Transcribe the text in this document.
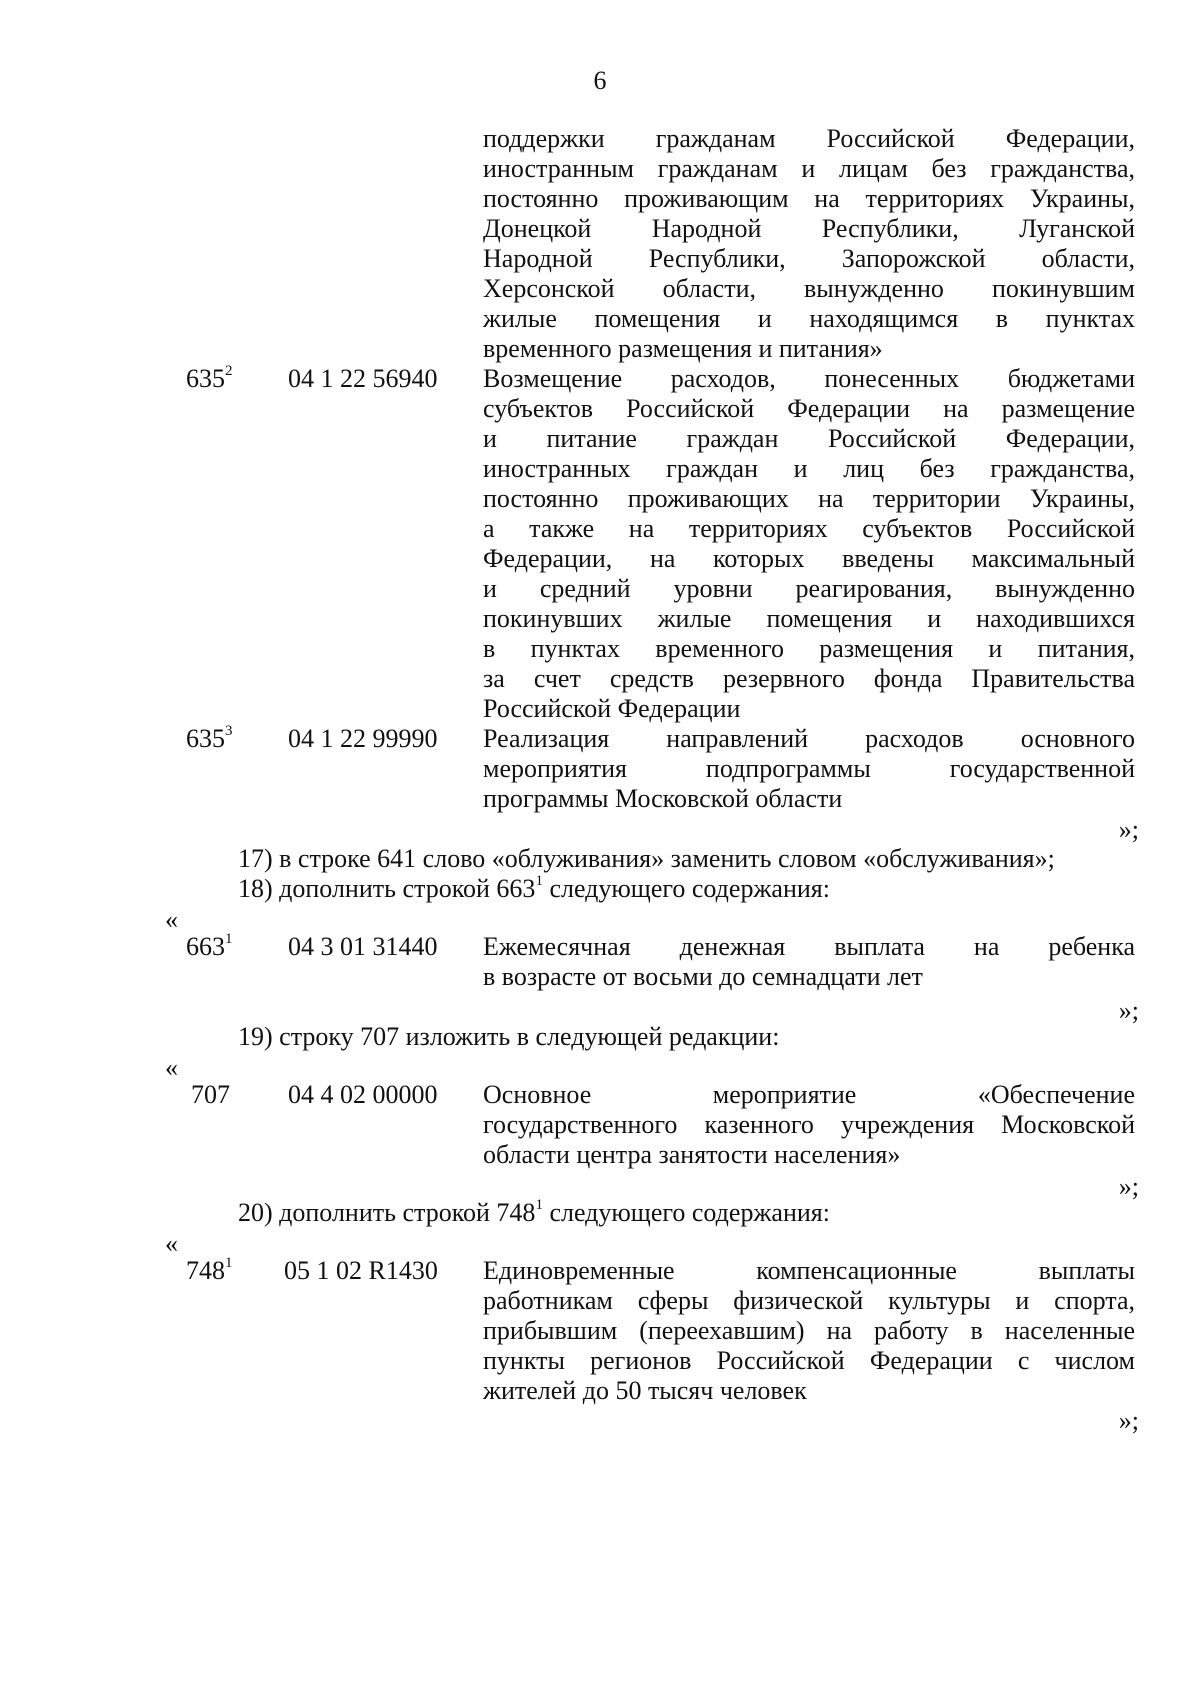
6
поддержки гражданам Российской Федерации,
иностранным гражданам и лицам без гражданства,
постоянно проживающим на территориях Украины,
Донецкой Народной Республики, Луганской
Народной Республики, Запорожской области,
Херсонской области, вынужденно покинувшим
жилые помещения и находящимся в пунктах
временного размещения и питания»
$635^2$	04 1 22 56940	Возмещение расходов, понесенных бюджетами
субъектов Российской Федерации на размещение
и питание граждан Российской Федерации,
иностранных граждан и лиц без гражданства,
постоянно проживающих на территории Украины,
а также на территориях субъектов Российской
Федерации, на которых введены максимальный
и средний уровни реагирования, вынужденно
покинувших жилые помещения и находившихся
в пунктах временного размещения и питания,
за счет средств резервного фонда Правительства
Российской Федерации
$635^3$	04 1 22 99990	Реализация направлений расходов основного
мероприятия подпрограммы государственной
программы Московской области
»;
17) в строке 641 слово «облуживания» заменить словом «обслуживания»;
18) дополнить строкой $663^1$ следующего содержания:
«
$663^1$	04 3 01 31440	Ежемесячная денежная выплата на ребенка
в возрасте от восьми до семнадцати лет
»;
19) строку 707 изложить в следующей редакции:
«
707	04 4 02 00000	Основное мероприятие «Обеспечение
государственного казенного учреждения Московской
области центра занятости населения»
»;
20) дополнить строкой $748^1$ следующего содержания:
«
$748^1$	05 1 02 R1430	Единовременные компенсационные выплаты
работникам сферы физической культуры и спорта,
прибывшим (переехавшим) на работу в населенные
пункты регионов Российской Федерации с числом
жителей до 50 тысяч человек
»;
